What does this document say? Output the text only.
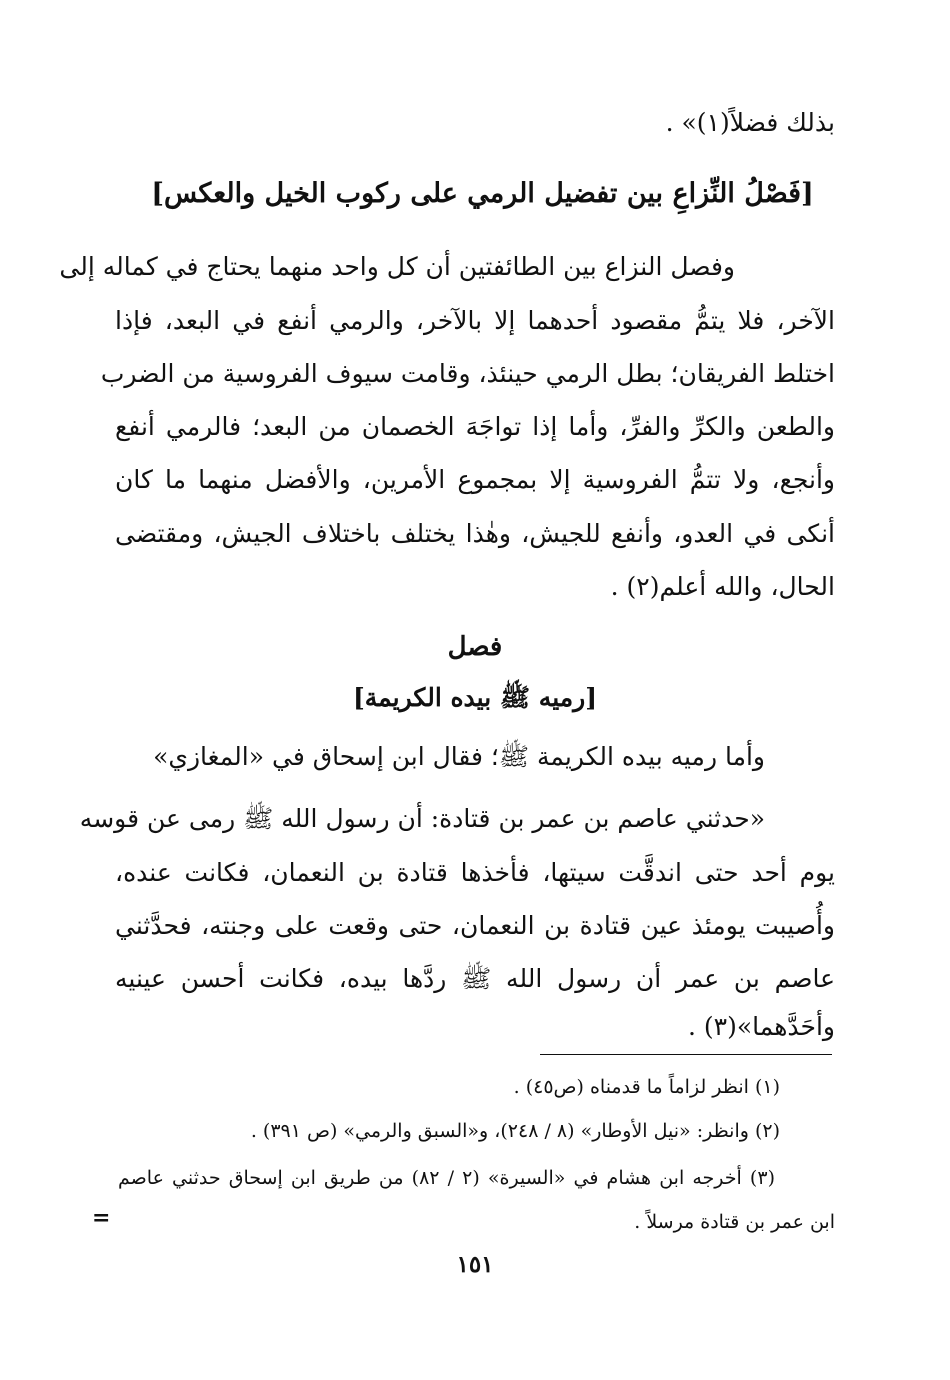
بذلك فضلاً(١)» .
[فَصْلُ النِّزاعِ بين تفضيل الرمي على ركوب الخيل والعكس]
وفصل النزاع بين الطائفتين أن كل واحد منهما يحتاج في كماله إلى
الآخر، فلا يتمُّ مقصود أحدهما إلا بالآخر، والرمي أنفع في البعد، فإذا
اختلط الفريقان؛ بطل الرمي حينئذ، وقامت سيوف الفروسية من الضرب
والطعن والكرِّ والفرِّ، وأما إذا تواجَهَ الخصمان من البعد؛ فالرمي أنفع
وأنجع، ولا تتمُّ الفروسية إلا بمجموع الأمرين، والأفضل منهما ما كان
أنكى في العدو، وأنفع للجيش، وهٰذا يختلف باختلاف الجيش، ومقتضى
الحال، والله أعلم(٢) .
فصل
[رميه ﷺ بيده الكريمة]
وأما رميه بيده الكريمة ﷺ؛ فقال ابن إسحاق في «المغازي»
«حدثني عاصم بن عمر بن قتادة: أن رسول الله ﷺ رمى عن قوسه
يوم أحد حتى اندقَّت سيتها، فأخذها قتادة بن النعمان، فكانت عنده،
وأُصيبت يومئذ عين قتادة بن النعمان، حتى وقعت على وجنته، فحدَّثني
عاصم بن عمر أن رسول الله ﷺ ردَّها بيده، فكانت أحسن عينيه
وأحَدَّهما»(٣) .
(١) انظر لزاماً ما قدمناه (ص٤٥) .
(٢) وانظر: «نيل الأوطار» (٨ / ٢٤٨)، و«السبق والرمي» (ص ٣٩١) .
(٣) أخرجه ابن هشام في «السيرة» (٢ / ٨٢) من طريق ابن إسحاق حدثني عاصم
ابن عمر بن قتادة مرسلاً .
=
١٥١
